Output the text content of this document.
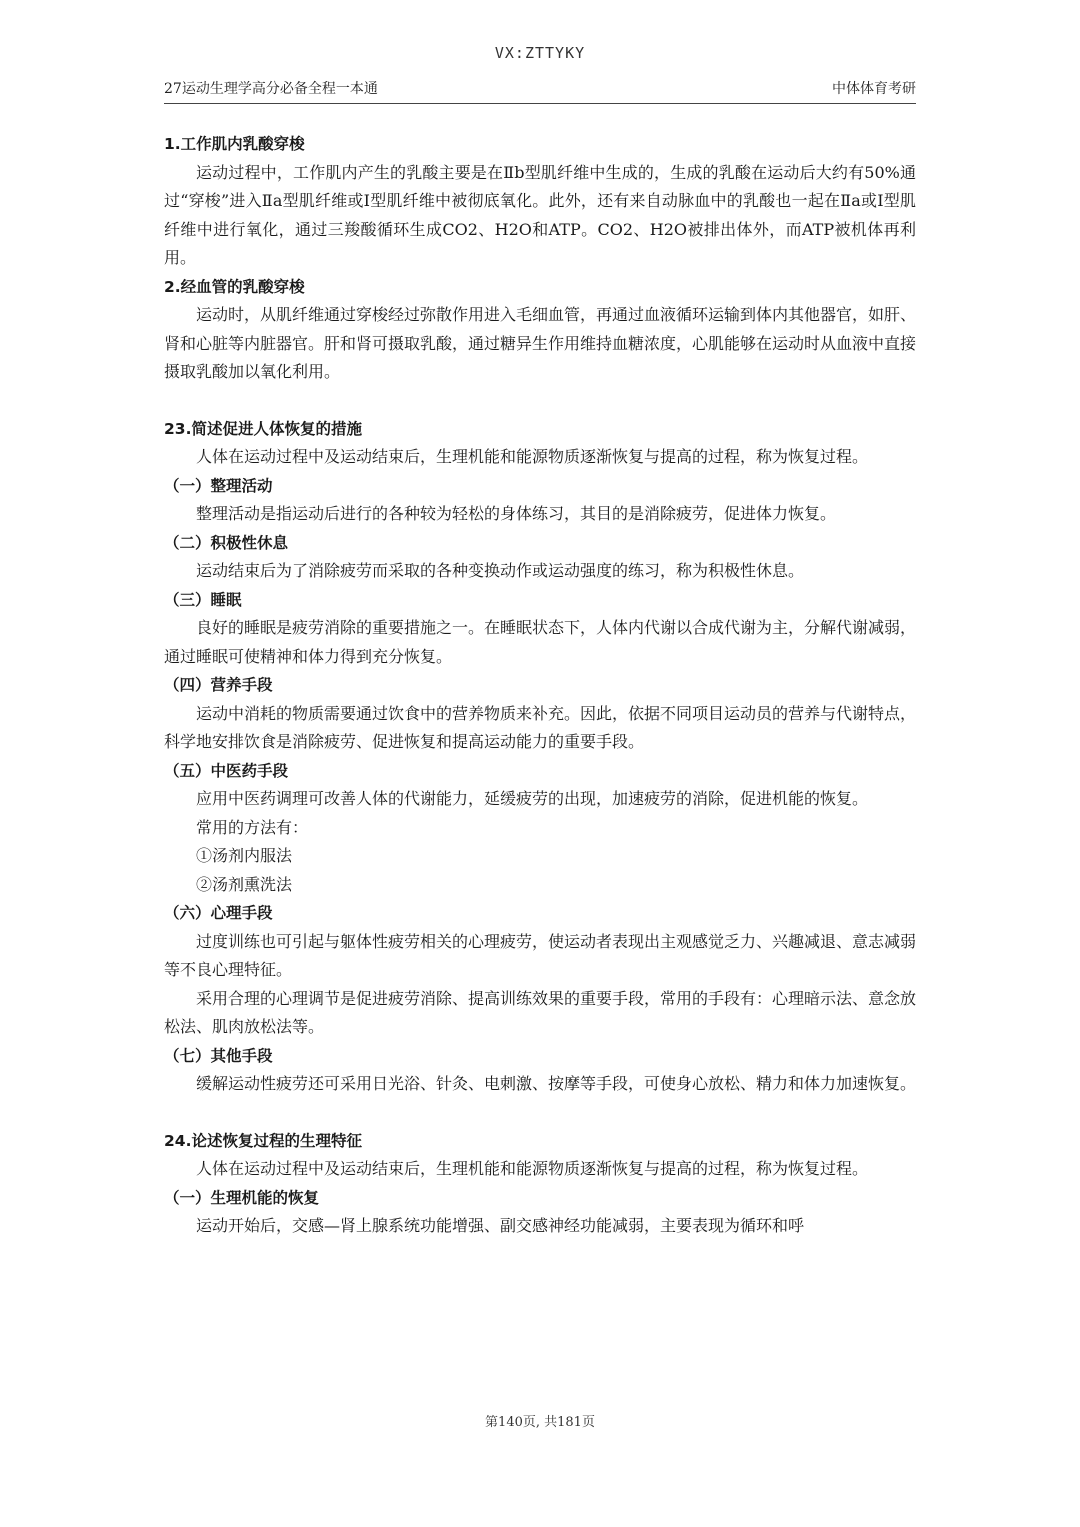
VX:ZTTYKY
27运动生理学高分必备全程一本通	中体体育考研
1.工作肌内乳酸穿梭
运动过程中，工作肌内产生的乳酸主要是在Ⅱb型肌纤维中生成的，生成的乳酸在运动后大约有50%通过“穿梭”进入Ⅱa型肌纤维或Ⅰ型肌纤维中被彻底氧化。此外，还有来自动脉血中的乳酸也一起在Ⅱa或Ⅰ型肌纤维中进行氧化，通过三羧酸循环生成CO2、H2O和ATP。CO2、H2O被排出体外，而ATP被机体再利用。
2.经血管的乳酸穿梭
运动时，从肌纤维通过穿梭经过弥散作用进入毛细血管，再通过血液循环运输到体内其他器官，如肝、肾和心脏等内脏器官。肝和肾可摄取乳酸，通过糖异生作用维持血糖浓度，心肌能够在运动时从血液中直接摄取乳酸加以氧化利用。
23.简述促进人体恢复的措施
人体在运动过程中及运动结束后，生理机能和能源物质逐渐恢复与提高的过程，称为恢复过程。
（一）整理活动
整理活动是指运动后进行的各种较为轻松的身体练习，其目的是消除疲劳，促进体力恢复。
（二）积极性休息
运动结束后为了消除疲劳而采取的各种变换动作或运动强度的练习，称为积极性休息。
（三）睡眠
良好的睡眠是疲劳消除的重要措施之一。在睡眠状态下，人体内代谢以合成代谢为主，分解代谢减弱，通过睡眠可使精神和体力得到充分恢复。
（四）营养手段
运动中消耗的物质需要通过饮食中的营养物质来补充。因此，依据不同项目运动员的营养与代谢特点，科学地安排饮食是消除疲劳、促进恢复和提高运动能力的重要手段。
（五）中医药手段
应用中医药调理可改善人体的代谢能力，延缓疲劳的出现，加速疲劳的消除，促进机能的恢复。
常用的方法有：
①汤剂内服法
②汤剂熏洗法
（六）心理手段
过度训练也可引起与躯体性疲劳相关的心理疲劳，使运动者表现出主观感觉乏力、兴趣减退、意志减弱等不良心理特征。
采用合理的心理调节是促进疲劳消除、提高训练效果的重要手段，常用的手段有：心理暗示法、意念放松法、肌肉放松法等。
（七）其他手段
缓解运动性疲劳还可采用日光浴、针灸、电刺激、按摩等手段，可使身心放松、精力和体力加速恢复。
24.论述恢复过程的生理特征
人体在运动过程中及运动结束后，生理机能和能源物质逐渐恢复与提高的过程，称为恢复过程。
（一）生理机能的恢复
运动开始后，交感—肾上腺系统功能增强、副交感神经功能减弱，主要表现为循环和呼
第140页, 共181页
